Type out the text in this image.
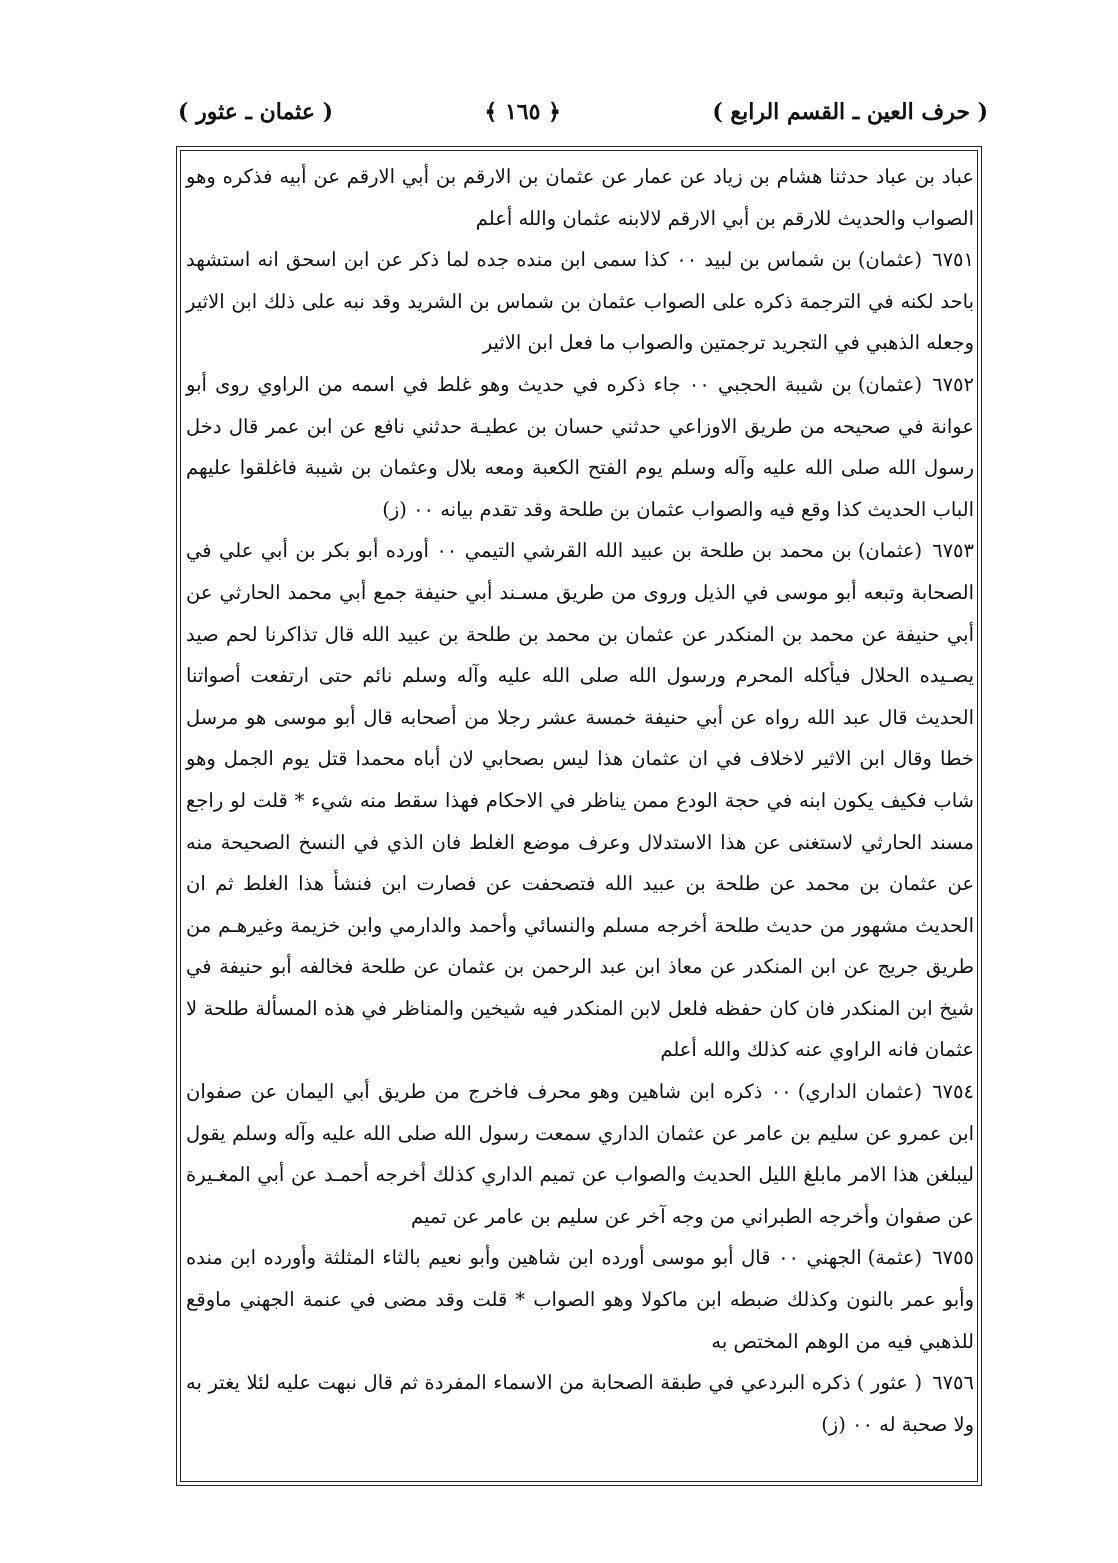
( حرف العين ـ القسم الرابع )
﴿ ١٦٥ ﴾
( عثمان ـ عثور )

عباد بن عباد حدثنا هشام بن زياد عن عمار عن عثمان بن الارقم بن أبي الارقم عن أبيه فذكره وهو الصواب والحديث للارقم بن أبي الارقم لالابنه عثمان والله أعلم

٦٧٥١(عثمان)بن شماس بن لبيد ٠٠ كذا سمى ابن منده جده لما ذكر عن ابن اسحق انه استشهد باحد لكنه في الترجمة ذكره على الصواب عثمان بن شماس بن الشريد وقد نبه على ذلك ابن الاثير وجعله الذهبي في التجريد ترجمتين والصواب ما فعل ابن الاثير

٦٧٥٢(عثمان)بن شيبة الحجبي ٠٠ جاء ذكره في حديث وهو غلط في اسمه من الراوي روى أبو عوانة في صحيحه من طريق الاوزاعي حدثني حسان بن عطيـة حدثني نافع عن ابن عمر قال دخل رسول الله صلى الله عليه وآله وسلم يوم الفتح الكعبة ومعه بلال وعثمان بن شيبة فاغلقوا عليهم الباب الحديث كذا وقع فيه والصواب عثمان بن طلحة وقد تقدم بيانه ٠٠ (ز)

٦٧٥٣(عثمان)بن محمد بن طلحة بن عبيد الله القرشي التيمي ٠٠ أورده أبو بكر بن أبي علي في الصحابة وتبعه أبو موسى في الذيل وروى من طريق مسـند أبي حنيفة جمع أبي محمد الحارثي عن أبي حنيفة عن محمد بن المنكدر عن عثمان بن محمد بن طلحة بن عبيد الله قال تذاكرنا لحم صيد يصـيده الحلال فيأكله المحرم ورسول الله صلى الله عليه وآله وسلم نائم حتى ارتفعت أصواتنا الحديث قال عبد الله رواه عن أبي حنيفة خمسة عشر رجلا من أصحابه قال أبو موسى هو مرسل خطا وقال ابن الاثير لاخلاف في ان عثمان هذا ليس بصحابي لان أباه محمدا قتل يوم الجمل وهو شاب فكيف يكون ابنه في حجة الودع ممن يناظر في الاحكام فهذا سقط منه شيء * قلت لو راجع مسند الحارثي لاستغنى عن هذا الاستدلال وعرف موضع الغلط فان الذي في النسخ الصحيحة منه عن عثمان بن محمد عن طلحة بن عبيد الله فتصحفت عن فصارت ابن فنشأ هذا الغلط ثم ان الحديث مشهور من حديث طلحة أخرجه مسلم والنسائي وأحمد والدارمي وابن خزيمة وغيرهـم من طريق جريج عن ابن المنكدر عن معاذ ابن عبد الرحمن بن عثمان عن طلحة فخالفه أبو حنيفة في شيخ ابن المنكدر فان كان حفظه فلعل لابن المنكدر فيه شيخين والمناظر في هذه المسألة طلحة لا عثمان فانه الراوي عنه كذلك والله أعلم

٦٧٥٤(عثمان الداري)٠٠ ذكره ابن شاهين وهو محرف فاخرج من طريق أبي اليمان عن صفوان ابن عمرو عن سليم بن عامر عن عثمان الداري سمعت رسول الله صلى الله عليه وآله وسلم يقول ليبلغن هذا الامر مابلغ الليل الحديث والصواب عن تميم الداري كذلك أخرجه أحمـد عن أبي المغـيرة عن صفوان وأخرجه الطبراني من وجه آخر عن سليم بن عامر عن تميم

٦٧٥٥(عثمة)الجهني ٠٠ قال أبو موسى أورده ابن شاهين وأبو نعيم بالثاء المثلثة وأورده ابن منده وأبو عمر بالنون وكذلك ضبطه ابن ماكولا وهو الصواب * قلت وقد مضى في عنمة الجهني ماوقع للذهبي فيه من الوهم المختص به

٦٧٥٦( عثور )ذكره البردعي في طبقة الصحابة من الاسماء المفردة ثم قال نبهت عليه لئلا يغتر به ولا صحبة له ٠٠ (ز)
